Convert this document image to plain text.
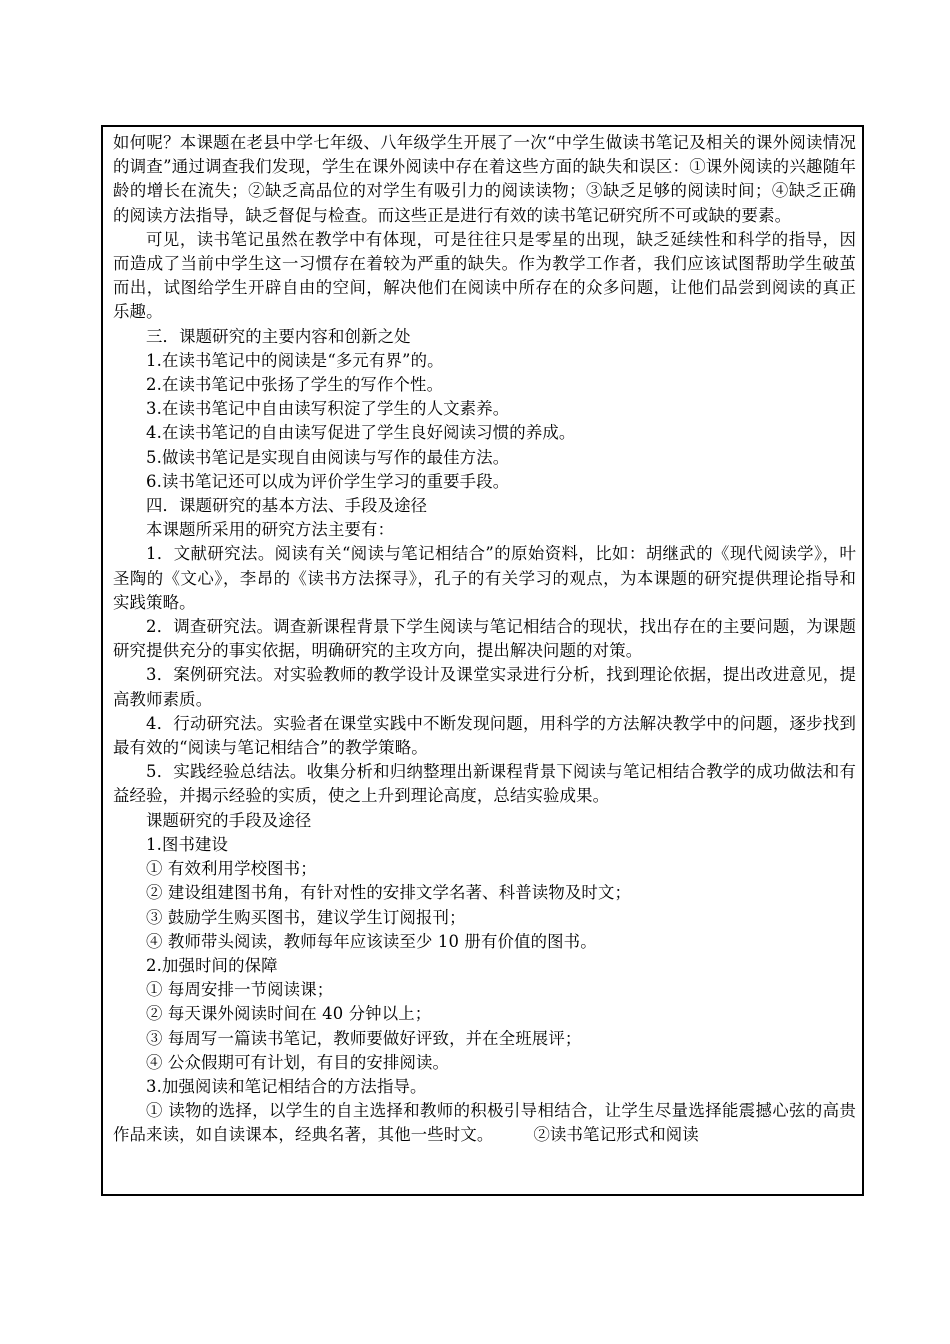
如何呢？本课题在老县中学七年级、八年级学生开展了一次“中学生做读书笔记及相关的课外阅读情况的调查”通过调查我们发现，学生在课外阅读中存在着这些方面的缺失和误区：①课外阅读的兴趣随年龄的增长在流失；②缺乏高品位的对学生有吸引力的阅读读物；③缺乏足够的阅读时间；④缺乏正确的阅读方法指导，缺乏督促与检查。而这些正是进行有效的读书笔记研究所不可或缺的要素。

可见，读书笔记虽然在教学中有体现，可是往往只是零星的出现，缺乏延续性和科学的指导，因而造成了当前中学生这一习惯存在着较为严重的缺失。作为教学工作者，我们应该试图帮助学生破茧而出，试图给学生开辟自由的空间，解决他们在阅读中所存在的众多问题，让他们品尝到阅读的真正乐趣。

三．课题研究的主要内容和创新之处

1.在读书笔记中的阅读是“多元有界”的。

2.在读书笔记中张扬了学生的写作个性。

3.在读书笔记中自由读写积淀了学生的人文素养。

4.在读书笔记的自由读写促进了学生良好阅读习惯的养成。

5.做读书笔记是实现自由阅读与写作的最佳方法。

6.读书笔记还可以成为评价学生学习的重要手段。

四．课题研究的基本方法、手段及途径

本课题所采用的研究方法主要有：

1．文献研究法。阅读有关“阅读与笔记相结合”的原始资料，比如：胡继武的《现代阅读学》，叶圣陶的《文心》，李昂的《读书方法探寻》，孔子的有关学习的观点，为本课题的研究提供理论指导和实践策略。

2．调查研究法。调查新课程背景下学生阅读与笔记相结合的现状，找出存在的主要问题，为课题研究提供充分的事实依据，明确研究的主攻方向，提出解决问题的对策。

3．案例研究法。对实验教师的教学设计及课堂实录进行分析，找到理论依据，提出改进意见，提高教师素质。

4．行动研究法。实验者在课堂实践中不断发现问题，用科学的方法解决教学中的问题，逐步找到最有效的“阅读与笔记相结合”的教学策略。

5．实践经验总结法。收集分析和归纳整理出新课程背景下阅读与笔记相结合教学的成功做法和有益经验，并揭示经验的实质，使之上升到理论高度，总结实验成果。

课题研究的手段及途径

1.图书建设

① 有效利用学校图书；

② 建设组建图书角，有针对性的安排文学名著、科普读物及时文；

③ 鼓励学生购买图书，建议学生订阅报刊；

④ 教师带头阅读，教师每年应该读至少 10 册有价值的图书。

2.加强时间的保障

① 每周安排一节阅读课；

② 每天课外阅读时间在 40 分钟以上；

③ 每周写一篇读书笔记，教师要做好评致，并在全班展评；

④ 公众假期可有计划，有目的安排阅读。

3.加强阅读和笔记相结合的方法指导。

① 读物的选择，以学生的自主选择和教师的积极引导相结合，让学生尽量选择能震撼心弦的高贵作品来读，如自读课本，经典名著，其他一些时文。 ②读书笔记形式和阅读
